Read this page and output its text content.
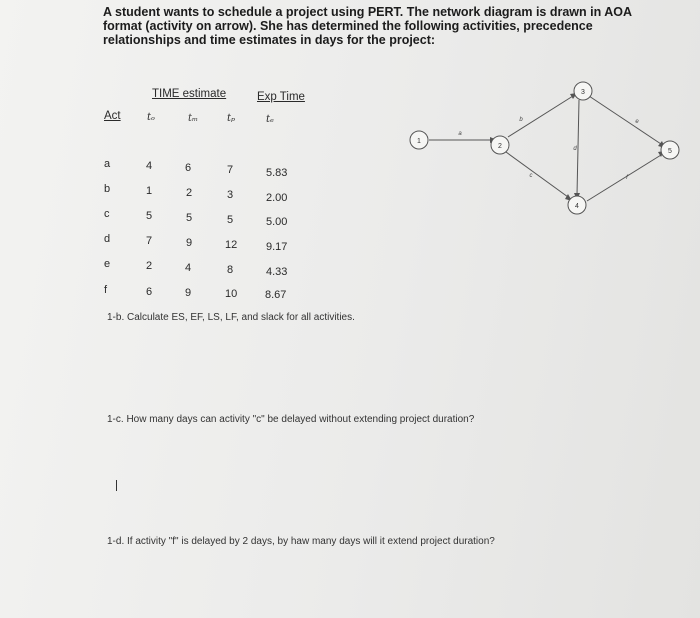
A student wants to schedule a project using PERT. The network diagram is drawn in AOA format (activity on arrow). She has determined the following activities, precedence relationships and time estimates in days for the project:
TIME estimate	Exp Time
Act	tₒ	tₘ	tₚ	tₑ
a	4	6	7	5.83
b	1	2	3	2.00
c	5	5	5	5.00
d	7	9	12	9.17
e	2	4	8	4.33
f	6	9	10	8.67
1-b. Calculate ES, EF, LS, LF, and slack for all activities.
1-c. How many days can activity "c" be delayed without extending project duration?
1-d. If activity "f" is delayed by 2 days, by haw many days will it extend project duration?
1
2
3
4
5
a
b
c
d
e
f
